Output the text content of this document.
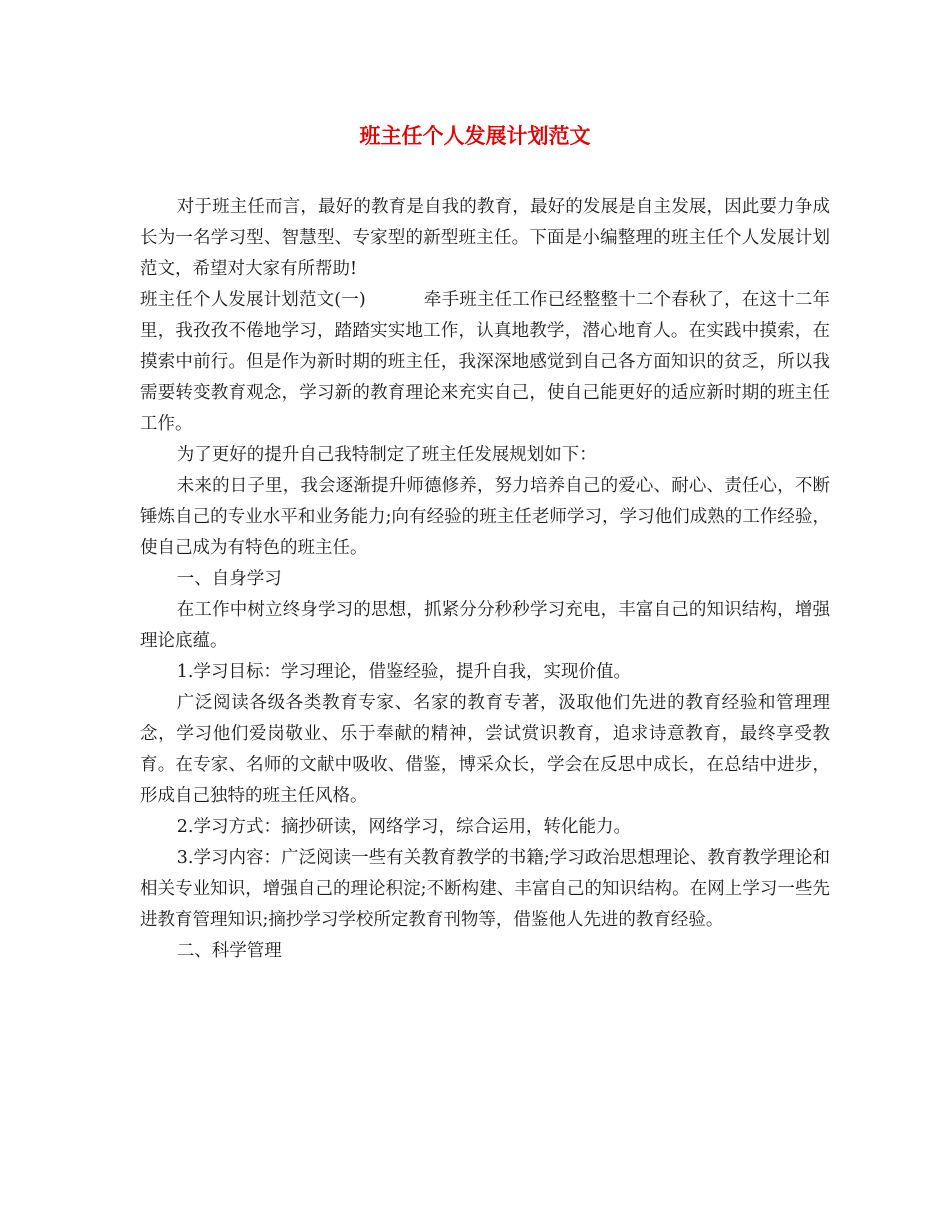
班主任个人发展计划范文

对于班主任而言，最好的教育是自我的教育，最好的发展是自主发展，因此要力争成长为一名学习型、智慧型、专家型的新型班主任。下面是小编整理的班主任个人发展计划范文，希望对大家有所帮助!

班主任个人发展计划范文(一)	牵手班主任工作已经整整十二个春秋了，在这十二年里，我孜孜不倦地学习，踏踏实实地工作，认真地教学，潜心地育人。在实践中摸索，在摸索中前行。但是作为新时期的班主任，我深深地感觉到自己各方面知识的贫乏，所以我需要转变教育观念，学习新的教育理论来充实自己，使自己能更好的适应新时期的班主任工作。

为了更好的提升自己我特制定了班主任发展规划如下：

未来的日子里，我会逐渐提升师德修养，努力培养自己的爱心、耐心、责任心，不断锤炼自己的专业水平和业务能力;向有经验的班主任老师学习，学习他们成熟的工作经验，使自己成为有特色的班主任。

一、自身学习

在工作中树立终身学习的思想，抓紧分分秒秒学习充电，丰富自己的知识结构，增强理论底蕴。

1.学习目标：学习理论，借鉴经验，提升自我，实现价值。

广泛阅读各级各类教育专家、名家的教育专著，汲取他们先进的教育经验和管理理念，学习他们爱岗敬业、乐于奉献的精神，尝试赏识教育，追求诗意教育，最终享受教育。在专家、名师的文献中吸收、借鉴，博采众长，学会在反思中成长，在总结中进步，形成自己独特的班主任风格。

2.学习方式：摘抄研读，网络学习，综合运用，转化能力。

3.学习内容：广泛阅读一些有关教育教学的书籍;学习政治思想理论、教育教学理论和相关专业知识，增强自己的理论积淀;不断构建、丰富自己的知识结构。在网上学习一些先进教育管理知识;摘抄学习学校所定教育刊物等，借鉴他人先进的教育经验。

二、科学管理
